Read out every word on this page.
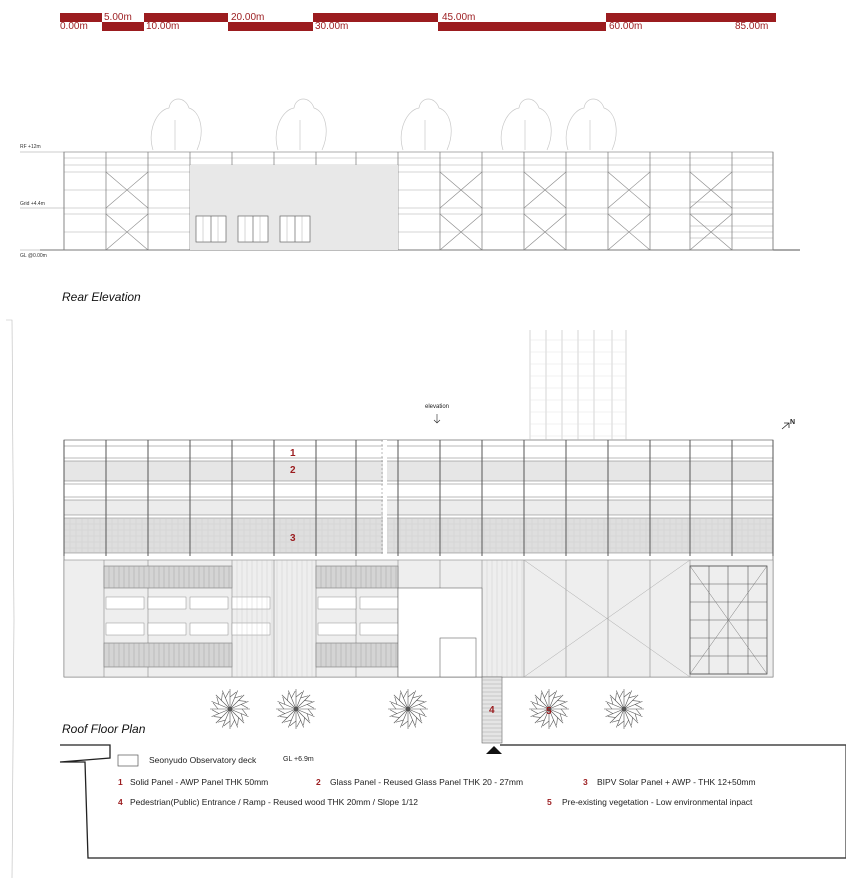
5.00m	20.00m	45.00m
0.00m	10.00m	30.00m	60.00m	85.00m
RF +12m
Grid +4.4m
GL @0.00m
Rear Elevation
elevation
N
1
2
3
4	5
Roof Floor Plan
Seonyudo Observatory deck	GL +6.9m
1 Solid Panel - AWP Panel THK 50mm	2 Glass Panel - Reused Glass Panel THK 20 - 27mm	3 BIPV Solar Panel + AWP - THK 12+50mm
4 Pedestrian(Public) Entrance / Ramp - Reused wood THK 20mm / Slope 1/12	5 Pre-existing vegetation - Low environmental inpact
